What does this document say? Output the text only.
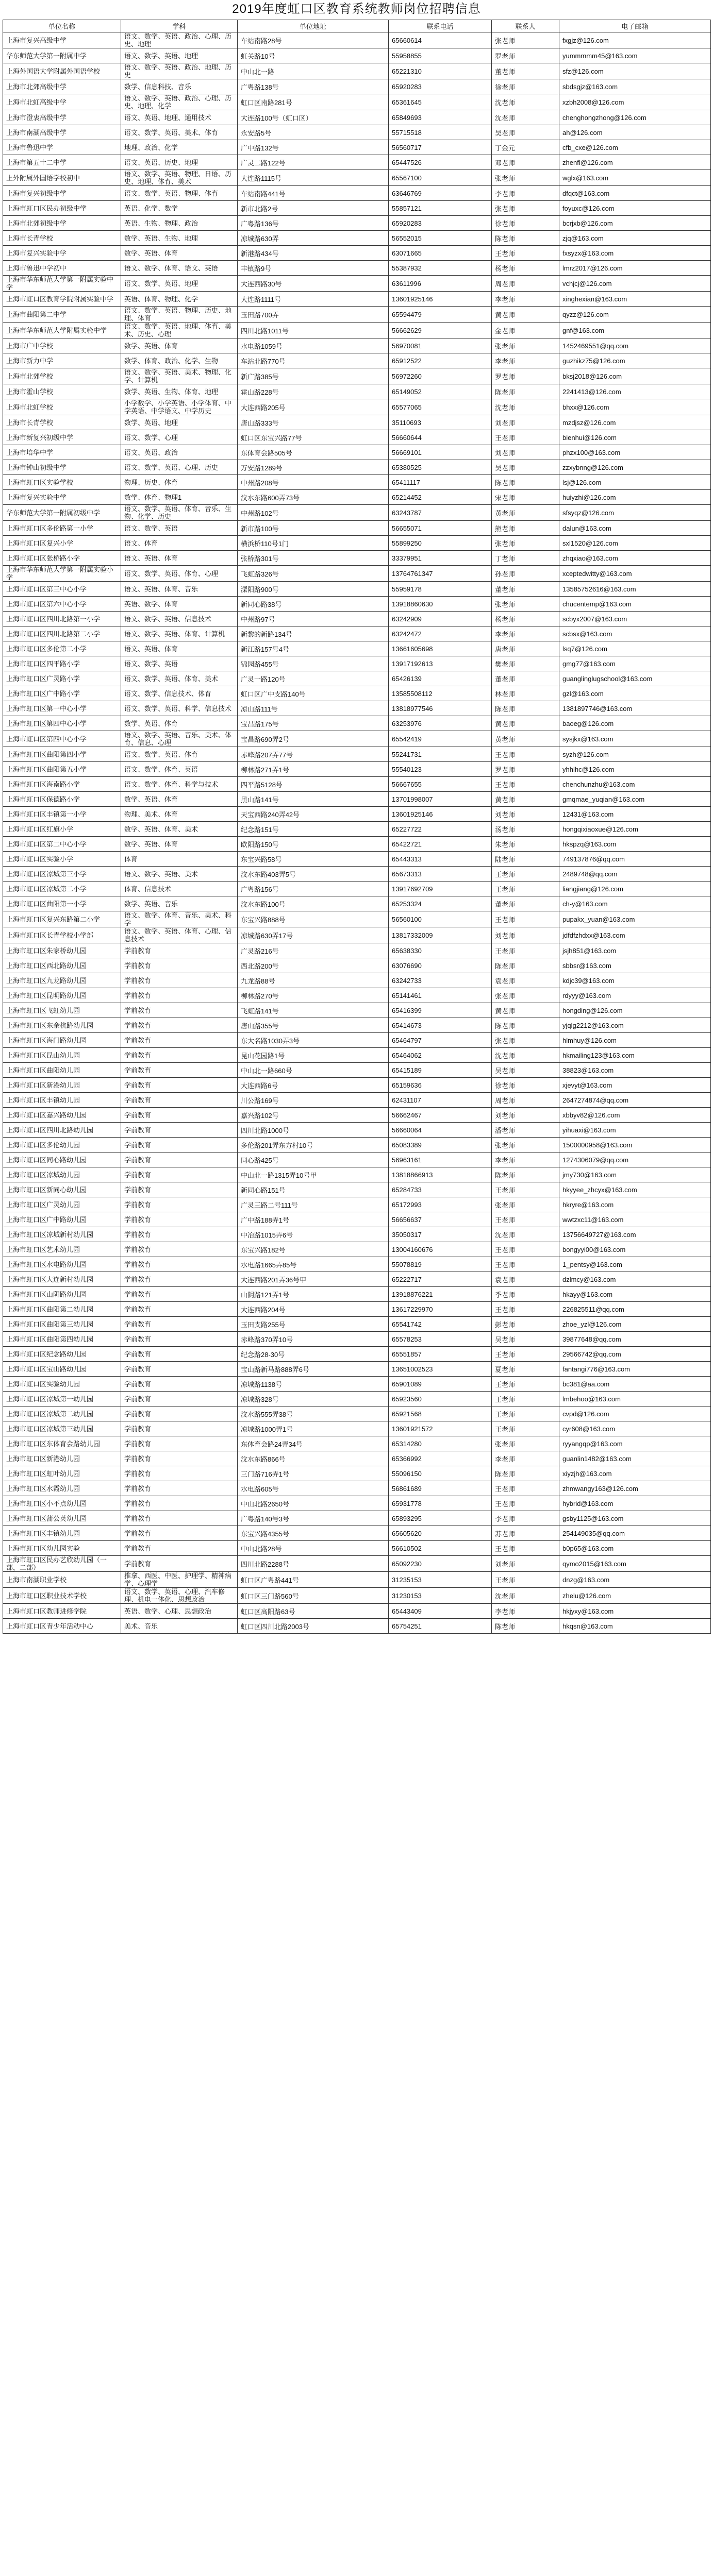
2019年度虹口区教育系统教师岗位招聘信息
单位名称	学科	单位地址	联系电话	联系人	电子邮箱
上海市复兴高级中学	语文、数学、英语、政治、心理、历史、地理	车站南路28号	65660614	张老师	fxgjz@126.com
华东师范大学第一附属中学	语文、数学、英语、地理	虹关路10号	55958855	罗老师	yummmmm45@163.com
上海外国语大学附属外国语学校	语文、数学、英语、政治、地理、历史	中山北一路	65221310	董老师	sfz@126.com
上海市北郊高级中学	数学、信息科技、音乐	广粤路138号	65920283	徐老师	sbdsgjz@163.com
上海市北虹高级中学	语文、数学、英语、政治、心理、历史、地理、化学	虹口区南路281号	65361645	沈老师	xzbh2008@126.com
上海市澄衷高级中学	语文、英语、地理、通用技术	大连路100号（虹口区）	65849693	沈老师	chenghongzhong@126.com
上海市南湖高级中学	语文、数学、英语、美术、体育	永安路5号	55715518	吴老师	ah@126.com
上海市鲁迅中学	地理、政治、化学	广中路132号	56560717	丁金元	cfb_cxe@126.com
上海市第五十二中学	语文、英语、历史、地理	广灵二路122号	65447526	邓老师	zhenfl@126.com
上外附属外国语学校初中	语文、数学、英语、物理、日语、历史、地理、体育、美术	大连路1115号	65567100	张老师	wglx@163.com
上海市复兴初级中学	语文、数学、英语、物理、体育	车站南路441号	63646769	李老师	dfqct@163.com
上海市虹口区民办初级中学	英语、化学、数学	新市北路2号	55857121	张老师	foyuxc@126.com
上海市北郊初级中学	英语、生物、物理、政治	广粤路136号	65920283	徐老师	bcrjxb@126.com
上海市长青学校	数学、英语、生物、地理	凉城路630弄	56552015	陈老师	zjq@163.com
上海市复兴实验中学	数学、英语、体育	新港路434号	63071665	王老师	fxsyzx@163.com
上海市鲁迅中学初中	语文、数学、体育、语文、英语	丰镇路9号	55387932	杨老师	lmrz2017@126.com
上海市华东师范大学第一附属实验中学	语文、数学、英语、地理	大连西路30号	63611996	周老师	vchjcj@126.com
上海市虹口区教育学院附属实验中学	英语、体育、物理、化学	大连路1111号	13601925146	李老师	xinghexian@163.com
上海市曲阳第二中学	语文、数学、英语、物理、历史、地理、体育	玉田路700弄	65594479	黄老师	qyzz@126.com
上海市华东师范大学附属实验中学	语文、数学、英语、地理、体育、美术、历史、心理	四川北路1011号	56662629	金老师	gnf@163.com
上海市广中学校	数学、英语、体育	水电路1059号	56970081	张老师	1452469551@qq.com
上海市新力中学	数学、体育、政治、化学、生物	车站北路770号	65912522	李老师	guzhikz75@126.com
上海市北郊学校	语文、数学、英语、美术、物理、化学、计算机	新广路385号	56972260	罗老师	bksj2018@126.com
上海市霍山学校	数学、英语、生物、体育、地理	霍山路228号	65149052	陈老师	2241413@126.com
上海市北虹学校	小学数学、小学英语、小学体育、中学英语、中学语文、中学历史	大连西路205号	65577065	沈老师	bhxx@126.com
上海市长青学校	数学、英语、地理	唐山路333号	35110693	刘老师	mzdjsz@126.com
上海市新复兴初级中学	语文、数学、心理	虹口区东宝兴路77号	56660644	王老师	bienhui@126.com
上海市培华中学	语文、英语、政治	东体育会路505号	56669101	刘老师	phzx100@163.com
上海市钟山初级中学	语文、数学、英语、心理、历史	万安路1289号	65380525	吴老师	zzxybnng@126.com
上海市虹口区实验学校	物理、历史、体育	中州路208号	65411117	陈老师	lsj@126.com
上海市复兴实验中学	数学、体育、物理1	汶水东路600弄73号	65214452	宋老师	huiyzhi@126.com
华东师范大学第一附属初级中学	语文、数学、英语、体育、音乐、生物、化学、历史	中州路102号	63243787	黄老师	sfsyqz@126.com
上海市虹口区多伦路第一小学	语文、数学、英语	新市路100号	56655071	熊老师	dalun@163.com
上海市虹口区复兴小学	语文、体育	横浜桥110号1门	55899250	张老师	sxl1520@126.com
上海市虹口区张桥路小学	语文、英语、体育	张桥路301号	33379951	丁老师	zhqxiao@163.com
上海市华东师范大学第一附属实验小学	语文、数学、英语、体育、心理	飞虹路326号	13764761347	孙老师	xceptedwitty@163.com
上海市虹口区第三中心小学	语文、英语、体育、音乐	溧阳路900号	55959178	董老师	13585752616@163.com
上海市虹口区第六中心小学	英语、数学、体育	新同心路38号	13918860630	张老师	chucentemp@163.com
上海市虹口区四川北路第一小学	语文、数学、英语、信息技术	中州路97号	63242909	杨老师	scbyx2007@163.com
上海市虹口区四川北路第二小学	语文、数学、英语、体育、计算机	新黎的新路134号	63242472	李老师	scbsx@163.com
上海市虹口区多伦第二小学	语文、英语、体育	新江路157号4号	13661605698	唐老师	lsq7@126.com
上海市虹口区四平路小学	语文、数学、英语	锦园路455号	13917192613	樊老师	gmg77@163.com
上海市虹口区广灵路小学	语文、数学、英语、体育、美术	广灵一路120号	65426139	董老师	guanglinglugschool@163.com
上海市虹口区广中路小学	语文、数学、信息技术、体育	虹口区广中支路140号	13585508112	林老师	gzl@163.com
上海市虹口区第一中心小学	语文、数学、英语、科学、信息技术	凉山路111号	13818977546	陈老师	1381897746@163.com
上海市虹口区第四中心小学	数学、英语、体育	宝昌路175号	63253976	黄老师	baoeg@126.com
上海市虹口区第四中心小学	语文、数学、英语、音乐、美术、体育、信息、心理	宝昌路690弄2号	65542419	黄老师	sysjkx@163.com
上海市虹口区曲阳第四小学	语文、数学、英语、体育	赤峰路207弄77号	55241731	王老师	syzh@126.com
上海市虹口区曲阳第五小学	语文、数学、体育、英语	柳林路271弄1号	55540123	罗老师	yhhlhc@126.com
上海市虹口区海南路小学	语文、数学、体育、科学与技术	四平路5128号	56667655	王老师	chenchunzhu@163.com
上海市虹口区保德路小学	数学、英语、体育	黑山路141号	13701998007	黄老师	gmqmae_yuqian@163.com
上海市虹口区丰镇第一小学	物理、美术、体育	天宝西路240弄42号	13601925146	刘老师	12431@163.com
上海市虹口区红旗小学	数学、英语、体育、美术	纪念路151号	65227722	汤老师	hongqixiaoxue@126.com
上海市虹口区第二中心小学	数学、英语、体育	欧阳路150号	65422721	朱老师	hkspzq@163.com
上海市虹口区实验小学	体育	东宝兴路58号	65443313	陆老师	749137876@qq.com
上海市虹口区凉城第三小学	语文、数学、英语、美术	汶水东路403弄5号	65673313	王老师	2489748@qq.com
上海市虹口区凉城第二小学	体育、信息技术	广粤路156号	13917692709	王老师	liangjiang@126.com
上海市虹口区曲阳第一小学	数学、英语、音乐	汶水东路100号	65253324	董老师	ch-y@163.com
上海市虹口区复兴东路第二小学	语文、数学、体育、音乐、美术、科学	东宝兴路888号	56560100	王老师	pupakx_yuan@163.com
上海市虹口区长青学校小学部	语文、数学、英语、体育、心理、信息技术	凉城路630弄17号	13817332009	刘老师	jdfdfzhdxx@163.com
上海市虹口区朱家桥幼儿园	学前教育	广灵路216号	65638330	王老师	jsjh851@163.com
上海市虹口区西北路幼儿园	学前教育	西北路200号	63076690	陈老师	sbbsr@163.com
上海市虹口区九龙路幼儿园	学前教育	九龙路88号	63242733	袁老师	kdjc39@163.com
上海市虹口区昆明路幼儿园	学前教育	柳林路270号	65141461	张老师	rdyyy@163.com
上海市虹口区飞虹幼儿园	学前教育	飞虹路141号	65416399	黄老师	hongding@126.com
上海市虹口区东余杭路幼儿园	学前教育	唐山路355号	65414673	陈老师	yjqlg2212@163.com
上海市虹口区海门路幼儿园	学前教育	东大名路1030弄3号	65464797	张老师	hlmhuy@126.com
上海市虹口区昆山幼儿园	学前教育	昆山花园路1号	65464062	沈老师	hkmailing123@163.com
上海市虹口区曲阳幼儿园	学前教育	中山北一路660号	65415189	吴老师	38823@163.com
上海市虹口区新港幼儿园	学前教育	大连西路6号	65159636	徐老师	xjevyt@163.com
上海市虹口区丰镇幼儿园	学前教育	川公路169号	62431107	周老师	2647274874@qq.com
上海市虹口区嘉兴路幼儿园	学前教育	嘉兴路102号	56662467	刘老师	xbbyv82@126.com
上海市虹口区四川北路幼儿园	学前教育	四川北路1000号	56660064	潘老师	yihuaxi@163.com
上海市虹口区多伦幼儿园	学前教育	多伦路201弄东方村10号	65083389	张老师	1500000958@163.com
上海市虹口区同心路幼儿园	学前教育	同心路425号	56963161	李老师	1274306079@qq.com
上海市虹口区凉城幼儿园	学前教育	中山北一路1315弄10号甲	13818866913	陈老师	jmy730@163.com
上海市虹口区新同心幼儿园	学前教育	新同心路151号	65284733	王老师	hkyyee_zhcyx@163.com
上海市虹口区广灵幼儿园	学前教育	广灵三路二号111号	65172993	张老师	hkryre@163.com
上海市虹口区广中路幼儿园	学前教育	广中路188弄1号	56656637	王老师	wwtzxc11@163.com
上海市虹口区凉城新村幼儿园	学前教育	中冶路1015弄6号	35050317	沈老师	13756649727@163.com
上海市虹口区艺术幼儿园	学前教育	东宝兴路182号	13004160676	王老师	bongyyi00@163.com
上海市虹口区水电路幼儿园	学前教育	水电路1665弄85号	55078819	王老师	1_pentsy@163.com
上海市虹口区大连新村幼儿园	学前教育	大连西路201弄36号甲	65222717	袁老师	dzlmcy@163.com
上海市虹口区山阴路幼儿园	学前教育	山阴路121弄1号	13918876221	季老师	hkayy@163.com
上海市虹口区曲阳第二幼儿园	学前教育	大连西路204号	13617229970	王老师	226825511@qq.com
上海市虹口区曲阳第三幼儿园	学前教育	玉田支路255号	65541742	彭老师	zhoe_yzl@126.com
上海市虹口区曲阳第四幼儿园	学前教育	赤峰路370弄10号	65578253	吴老师	39877648@qq.com
上海市虹口区纪念路幼儿园	学前教育	纪念路28-30号	65551857	王老师	29566742@qq.com
上海市虹口区宝山路幼儿园	学前教育	宝山路新马路888弄6号	13651002523	夏老师	fantangi776@163.com
上海市虹口区实验幼儿园	学前教育	凉城路1138号	65901089	王老师	bc381@aa.com
上海市虹口区凉城第一幼儿园	学前教育	凉城路328号	65923560	王老师	lmbehoo@163.com
上海市虹口区凉城第二幼儿园	学前教育	汶水路555弄38号	65921568	王老师	cvpd@126.com
上海市虹口区凉城第三幼儿园	学前教育	凉城路1000弄1号	13601921572	王老师	cyr608@163.com
上海市虹口区东体育会路幼儿园	学前教育	东体育会路24弄34号	65314280	张老师	ryyangqp@163.com
上海市虹口区新港幼儿园	学前教育	汶水东路866号	65366992	李老师	guanlin1482@163.com
上海市虹口区虹叶幼儿园	学前教育	三门路716弄1号	55096150	陈老师	xiyzjh@163.com
上海市虹口区水霞幼儿园	学前教育	水电路605号	56861689	王老师	zhmwangy163@126.com
上海市虹口区小不点幼儿园	学前教育	中山北路2650号	65931778	王老师	hybrid@163.com
上海市虹口区蒲公英幼儿园	学前教育	广粤路140号3号	65893295	李老师	gsby1125@163.com
上海市虹口区丰镇幼儿园	学前教育	东宝兴路4355号	65605620	苏老师	254149035@qq.com
上海市虹口区幼儿园实验	学前教育	中山北路28号	56610502	王老师	b0p65@163.com
上海市虹口区民办艺欣幼儿园（一部，二部）	学前教育	四川北路2288号	65092230	刘老师	qymo2015@163.com
上海市南湖职业学校	推拿、西医、中医、护理学、精神病学、心理学	虹口区广粤路441号	31235153	王老师	dnzg@163.com
上海市虹口区职业技术学校	语文、数学、英语、心理、汽车修理、机电一体化、思想政治	虹口区三门路560号	31230153	沈老师	zhelu@126.com
上海市虹口区教师进修学院	英语、数学、心理、思想政治	虹口区高阳路63号	65443409	李老师	hkjyxy@163.com
上海市虹口区青少年活动中心	美术、音乐	虹口区四川北路2003号	65754251	陈老师	hkqsn@163.com
